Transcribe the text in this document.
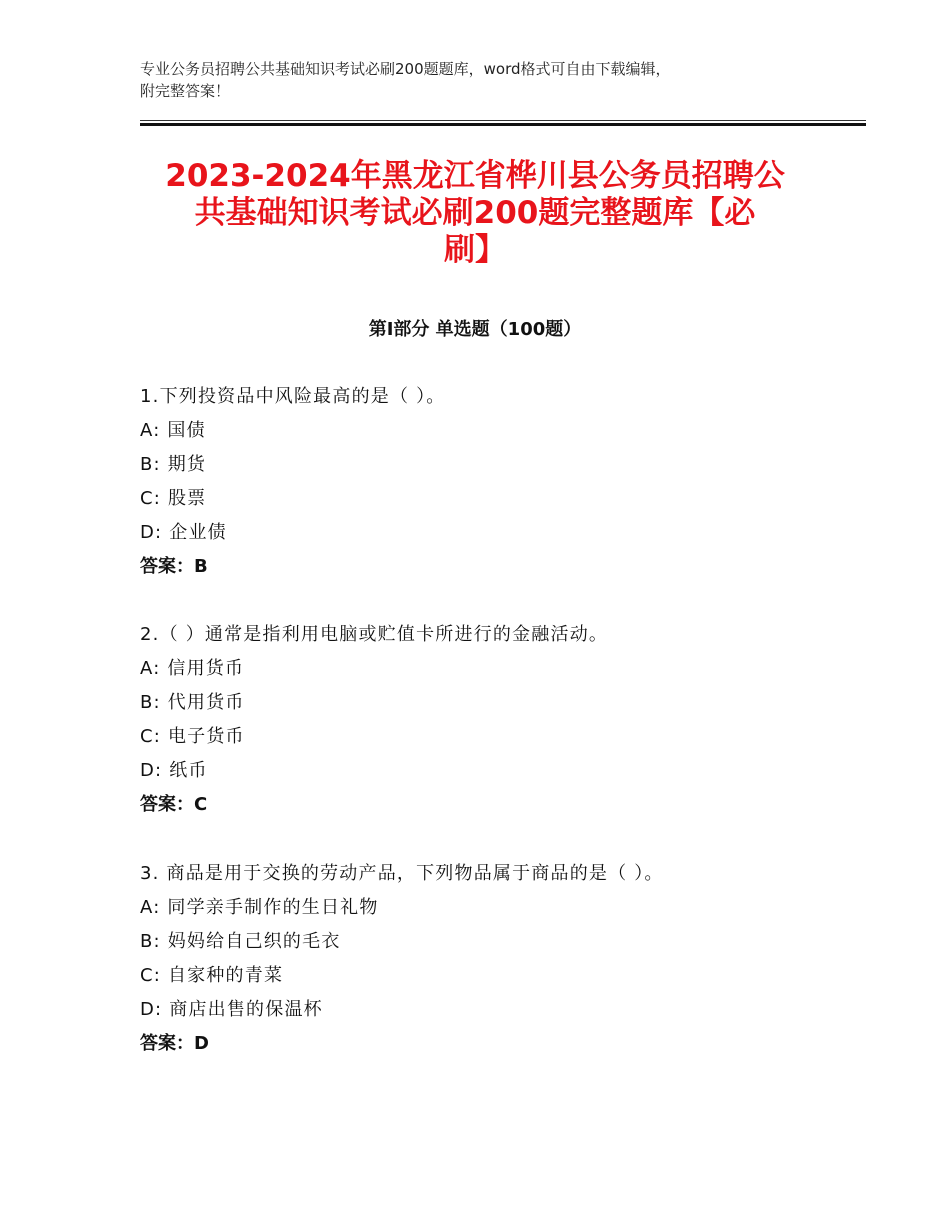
专业公务员招聘公共基础知识考试必刷200题题库，word格式可自由下载编辑，
附完整答案！
2023-2024年黑龙江省桦川县公务员招聘公
共基础知识考试必刷200题完整题库【必
刷】
第I部分 单选题（100题）
1.下列投资品中风险最高的是（ ）。
A: 国债
B: 期货
C: 股票
D: 企业债
答案：B
2.（ ）通常是指利用电脑或贮值卡所进行的金融活动。
A: 信用货币
B: 代用货币
C: 电子货币
D: 纸币
答案：C
3. 商品是用于交换的劳动产品，下列物品属于商品的是（ ）。
A: 同学亲手制作的生日礼物
B: 妈妈给自己织的毛衣
C: 自家种的青菜
D: 商店出售的保温杯
答案：D
